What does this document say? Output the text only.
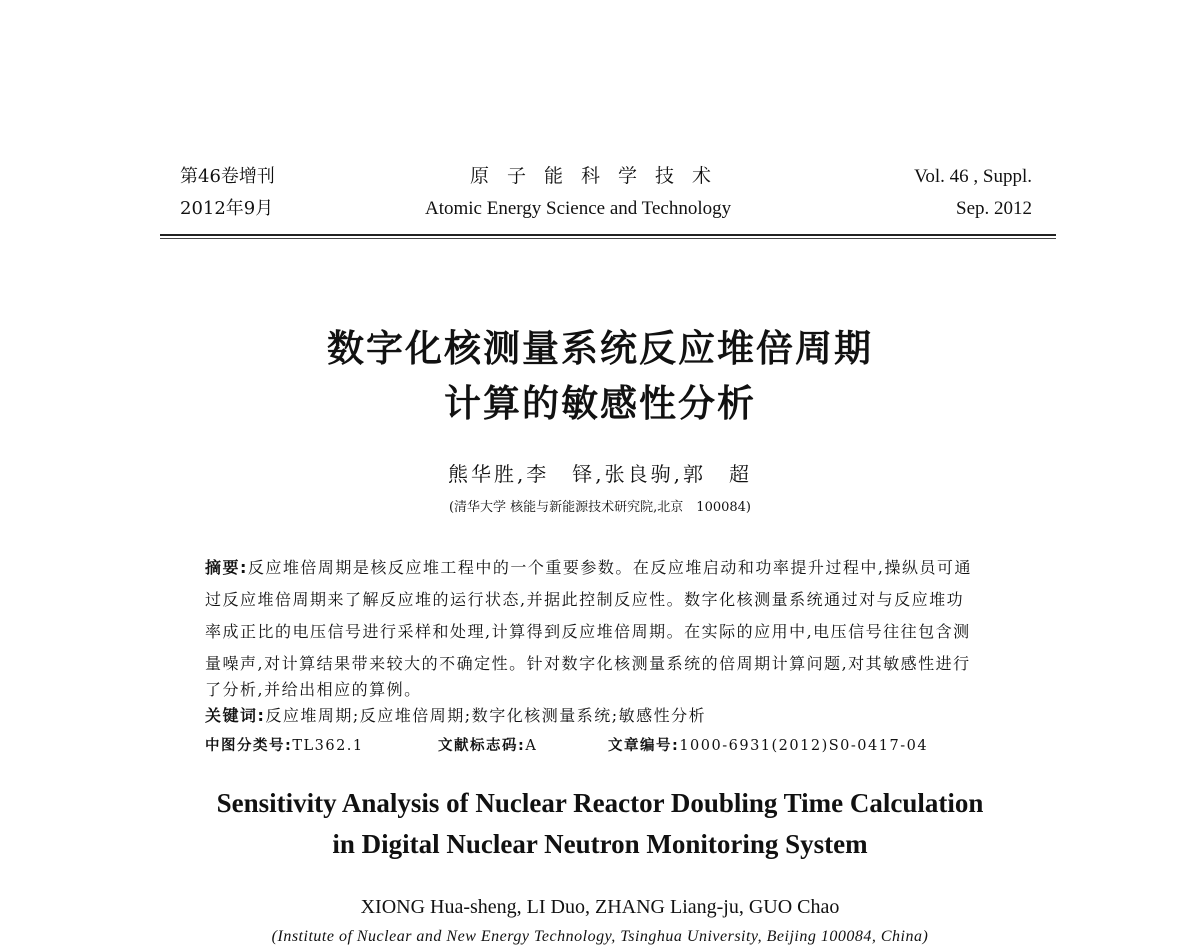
第46卷增刊
2012年9月
原子能科学技术
Atomic Energy Science and Technology
Vol. 46 , Suppl.
Sep. 2012
数字化核测量系统反应堆倍周期
计算的敏感性分析
熊华胜,李　铎,张良驹,郭　超
(清华大学 核能与新能源技术研究院,北京　100084)
摘要:反应堆倍周期是核反应堆工程中的一个重要参数。在反应堆启动和功率提升过程中,操纵员可通
过反应堆倍周期来了解反应堆的运行状态,并据此控制反应性。数字化核测量系统通过对与反应堆功
率成正比的电压信号进行采样和处理,计算得到反应堆倍周期。在实际的应用中,电压信号往往包含测
量噪声,对计算结果带来较大的不确定性。针对数字化核测量系统的倍周期计算问题,对其敏感性进行
了分析,并给出相应的算例。
关键词:反应堆周期;反应堆倍周期;数字化核测量系统;敏感性分析
中图分类号:TL362.1	文献标志码:A	文章编号:1000-6931(2012)S0-0417-04
Sensitivity Analysis of Nuclear Reactor Doubling Time Calculation
in Digital Nuclear Neutron Monitoring System
XIONG Hua-sheng, LI Duo, ZHANG Liang-ju, GUO Chao
(Institute of Nuclear and New Energy Technology, Tsinghua University, Beijing 100084, China)
